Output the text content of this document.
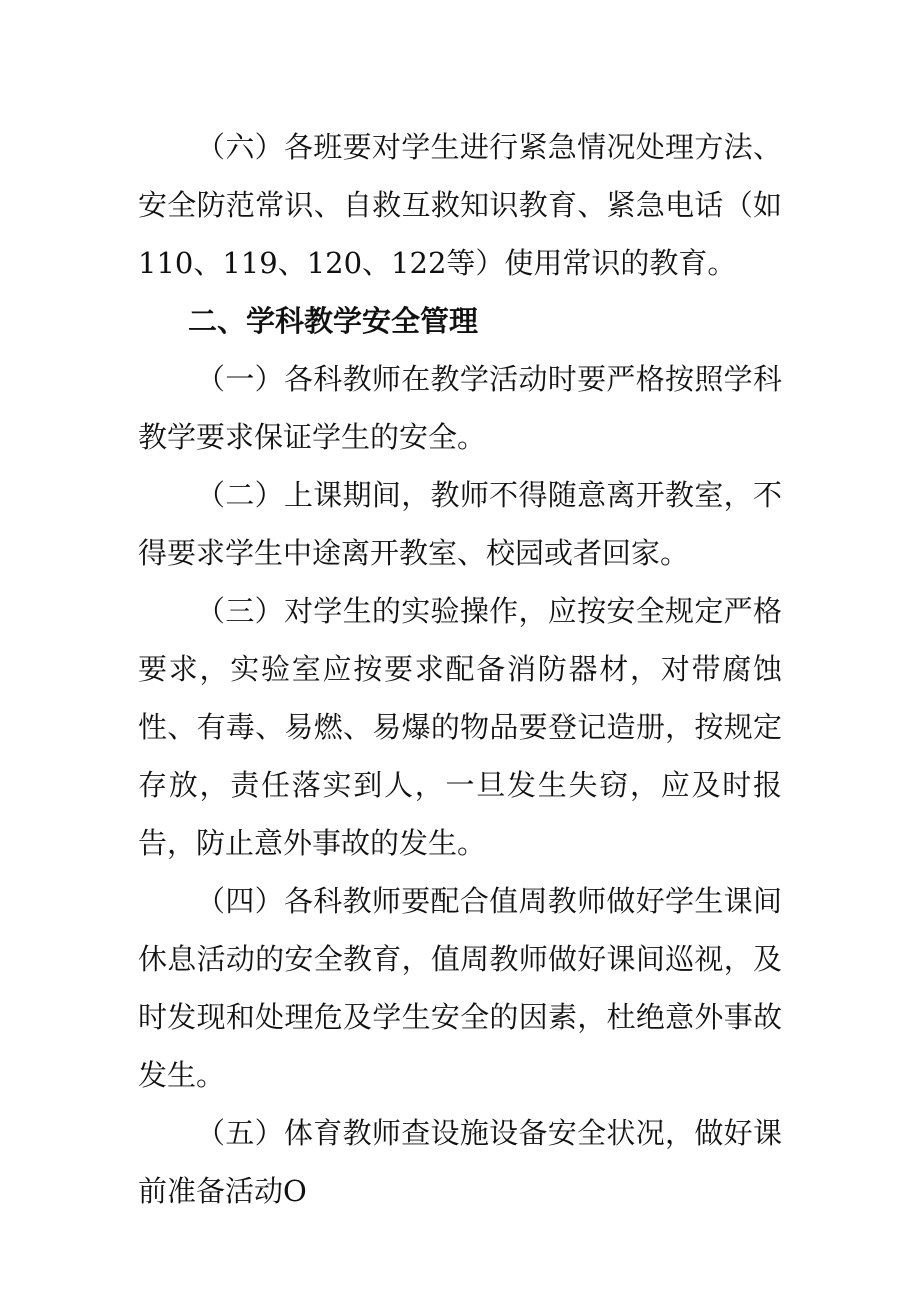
（六）各班要对学生进行紧急情况处理方法、安全防范常识、自救互救知识教育、紧急电话（如110、119、120、122等）使用常识的教育。

二、学科教学安全管理

（一）各科教师在教学活动时要严格按照学科教学要求保证学生的安全。

（二）上课期间，教师不得随意离开教室，不得要求学生中途离开教室、校园或者回家。

（三）对学生的实验操作，应按安全规定严格要求，实验室应按要求配备消防器材，对带腐蚀性、有毒、易燃、易爆的物品要登记造册，按规定存放，责任落实到人，一旦发生失窃，应及时报告，防止意外事故的发生。

（四）各科教师要配合值周教师做好学生课间休息活动的安全教育，值周教师做好课间巡视，及时发现和处理危及学生安全的因素，杜绝意外事故发生。

（五）体育教师查设施设备安全状况，做好课前准备活动O
